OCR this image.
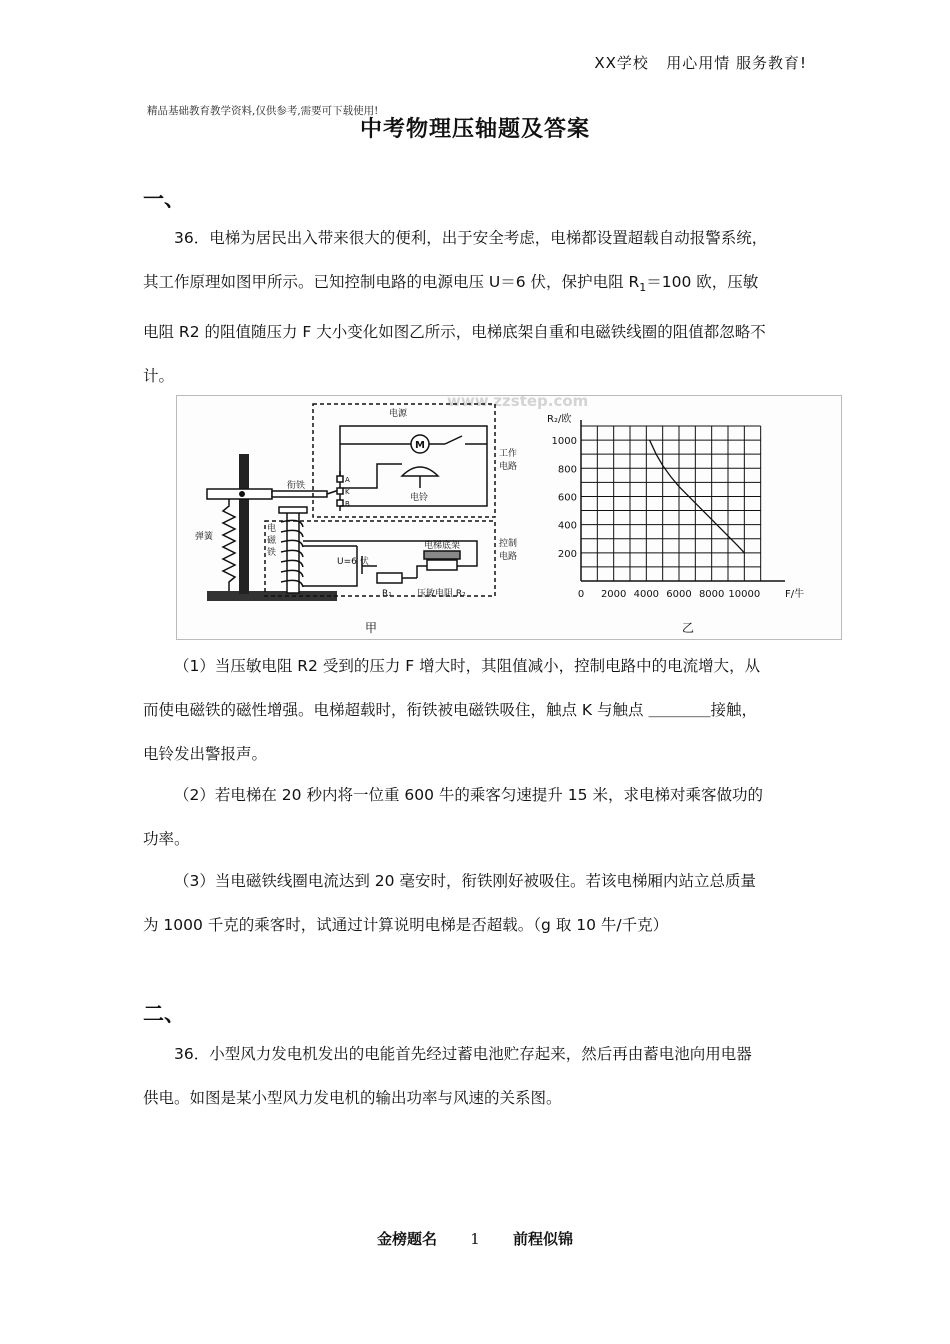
XX学校 用心用情 服务教育!
精品基础教育教学资料,仅供参考,需要可下载使用!
中考物理压轴题及答案
一、

36．电梯为居民出入带来很大的便利，出于安全考虑，电梯都设置超载自动报警系统，

其工作原理如图甲所示。已知控制电路的电源电压 U＝6 伏，保护电阻 $R_1=100$ 欧，压敏

电阻 R2 的阻值随压力 F 大小变化如图乙所示，电梯底架自重和电磁铁线圈的阻值都忽略不

计。

www.zzstep.com
电源
M
电铃
工作
电路
衔铁
弹簧
电
磁
铁
控制
电路
U=6 伏
电梯底架
R₁	压敏电阻 R₂
A
K
B
甲	乙
0 2000 4000 6000 8000 10000
200
400
600
800
1000
F/牛
R₂/欧

（1）当压敏电阻 R2 受到的压力 F 增大时，其阻值减小，控制电路中的电流增大，从

而使电磁铁的磁性增强。电梯超载时，衔铁被电磁铁吸住，触点 K 与触点 ＿＿＿＿接触，

电铃发出警报声。

（2）若电梯在 20 秒内将一位重 600 牛的乘客匀速提升 15 米，求电梯对乘客做功的

功率。

（3）当电磁铁线圈电流达到 20 毫安时，衔铁刚好被吸住。若该电梯厢内站立总质量

为 1000 千克的乘客时，试通过计算说明电梯是否超载。（g 取 10 牛/千克）

二、

36．小型风力发电机发出的电能首先经过蓄电池贮存起来，然后再由蓄电池向用电器

供电。如图是某小型风力发电机的输出功率与风速的关系图。

金榜题名 1 前程似锦
